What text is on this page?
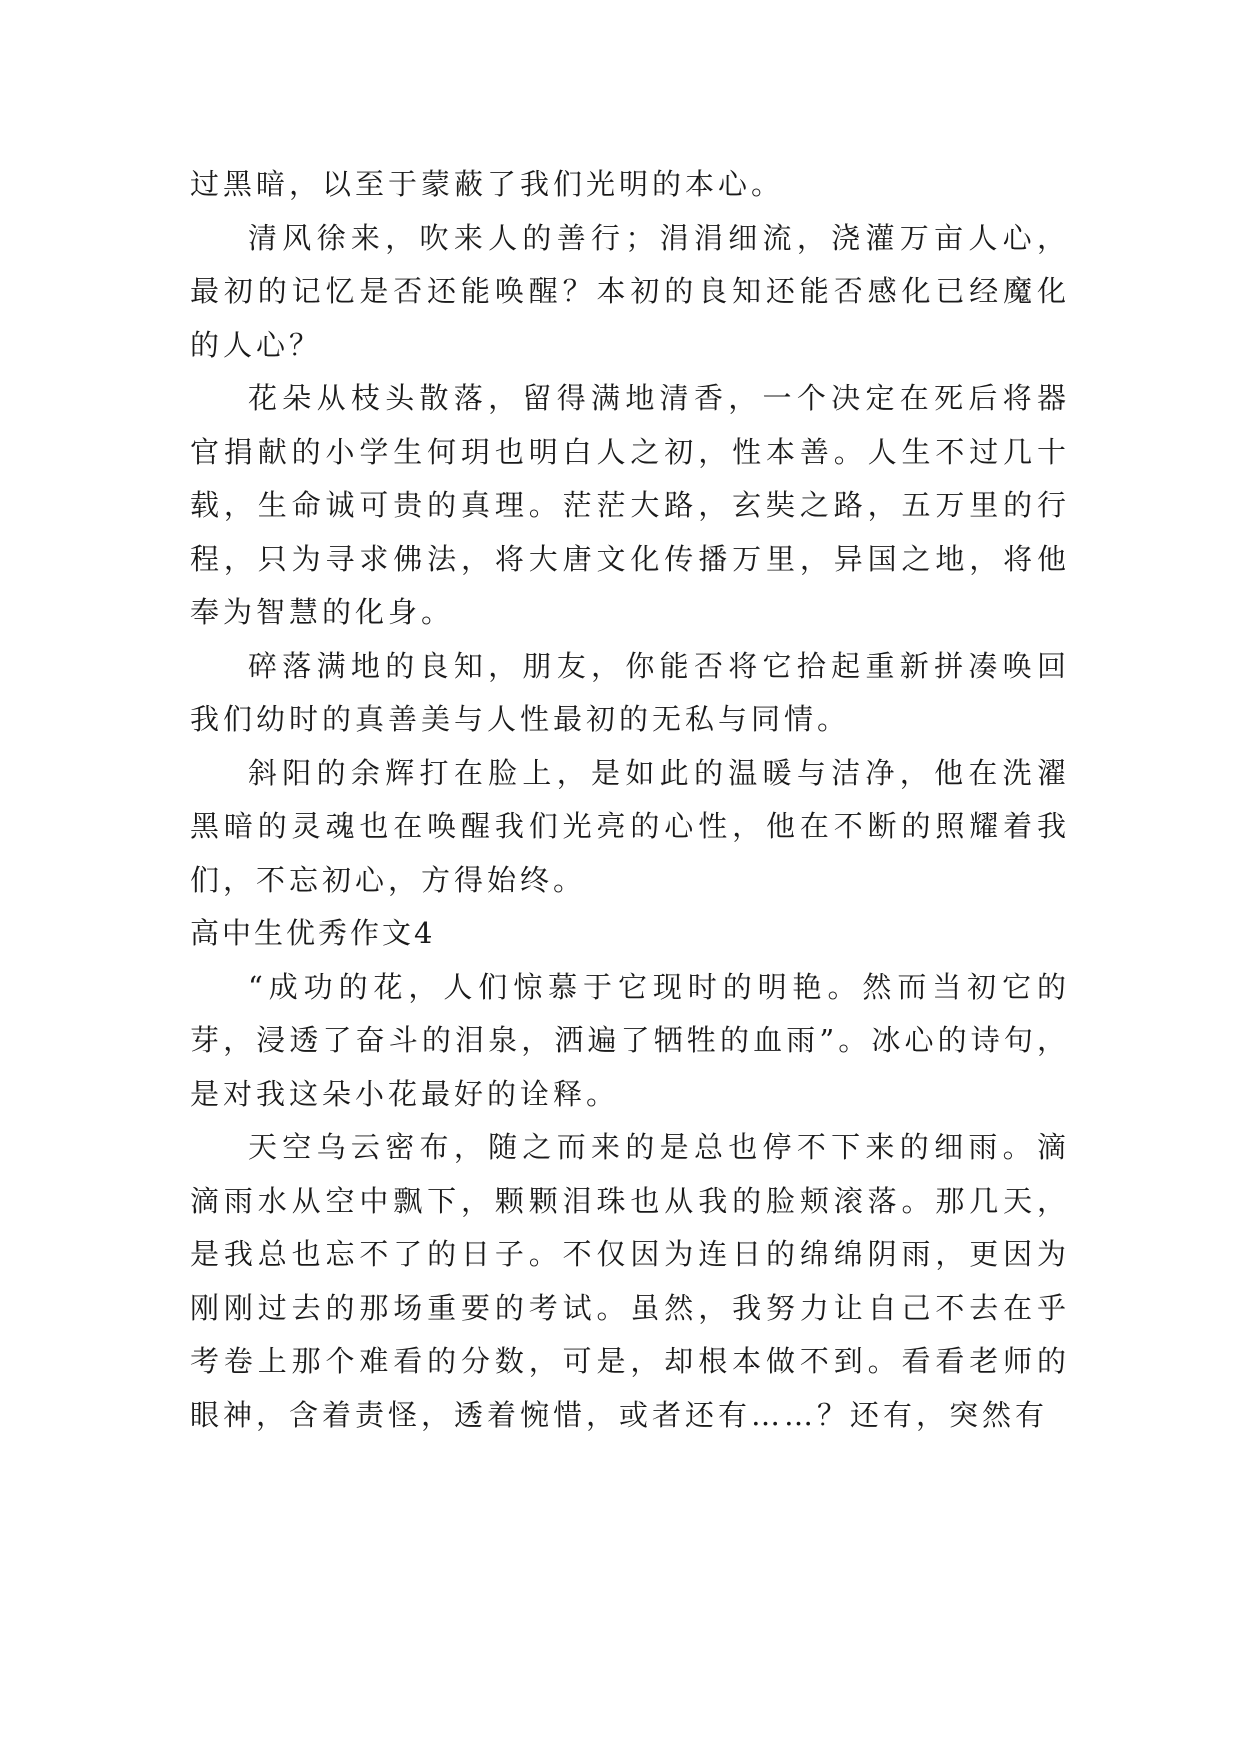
过黑暗，以至于蒙蔽了我们光明的本心。

清风徐来，吹来人的善行；涓涓细流，浇灌万亩人心，最初的记忆是否还能唤醒？本初的良知还能否感化已经魔化的人心？

花朵从枝头散落，留得满地清香，一个决定在死后将器官捐献的小学生何玥也明白人之初，性本善。人生不过几十载，生命诚可贵的真理。茫茫大路，玄奘之路，五万里的行程，只为寻求佛法，将大唐文化传播万里，异国之地，将他奉为智慧的化身。

碎落满地的良知，朋友，你能否将它拾起重新拼凑唤回我们幼时的真善美与人性最初的无私与同情。

斜阳的余辉打在脸上，是如此的温暖与洁净，他在洗濯黑暗的灵魂也在唤醒我们光亮的心性，他在不断的照耀着我们，不忘初心，方得始终。

高中生优秀作文4

“成功的花，人们惊慕于它现时的明艳。然而当初它的芽，浸透了奋斗的泪泉，洒遍了牺牲的血雨”。冰心的诗句，是对我这朵小花最好的诠释。

天空乌云密布，随之而来的是总也停不下来的细雨。滴滴雨水从空中飘下，颗颗泪珠也从我的脸颊滚落。那几天，是我总也忘不了的日子。不仅因为连日的绵绵阴雨，更因为刚刚过去的那场重要的考试。虽然，我努力让自己不去在乎考卷上那个难看的分数，可是，却根本做不到。看看老师的眼神，含着责怪，透着惋惜，或者还有……？还有，突然有
